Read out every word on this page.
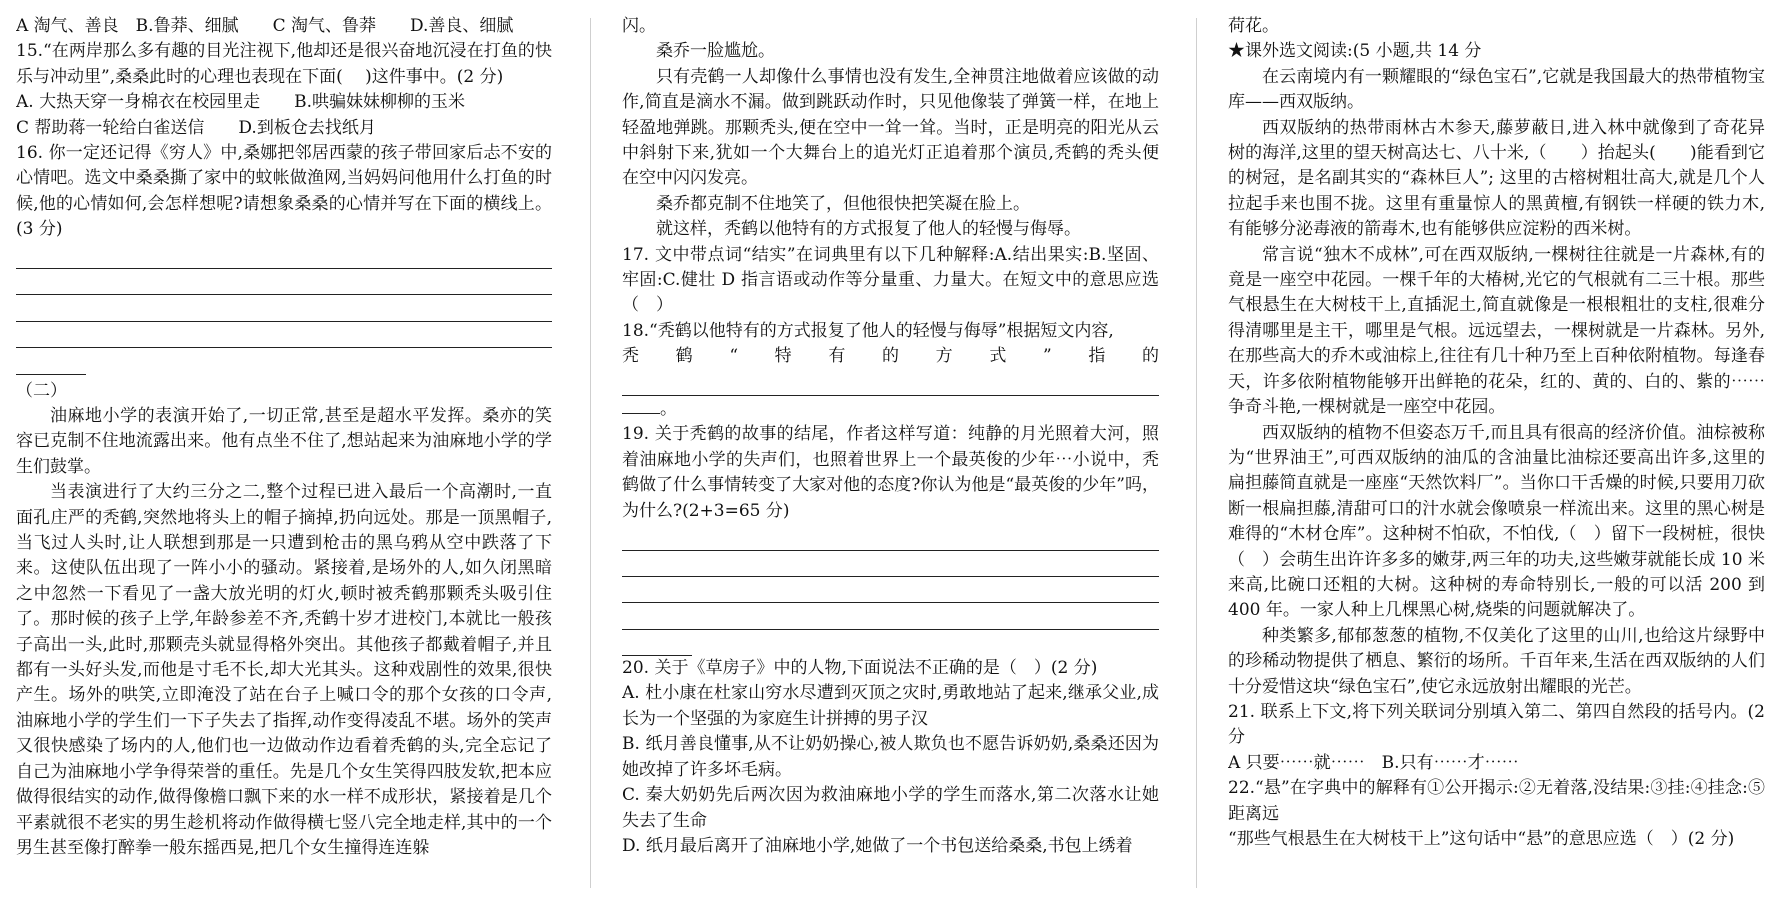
A 淘气、善良　B.鲁莽、细腻　　C 淘气、鲁莽　　D.善良、细腻

15.“在两岸那么多有趣的目光注视下,他却还是很兴奋地沉浸在打鱼的快乐与冲动里”,桑桑此时的心理也表现在下面(　 )这件事中。(2 分)

A. 大热天穿一身棉衣在校园里走　　B.哄骗妹妹柳柳的玉米

C 帮助蒋一轮给白雀送信　　D.到板仓去找纸月

16. 你一定还记得《穷人》中,桑娜把邻居西蒙的孩子带回家后忐不安的心情吧。选文中桑桑撕了家中的蚊帐做渔网,当妈妈问他用什么打鱼的时候,他的心情如何,会怎样想呢?请想象桑桑的心情并写在下面的横线上。(3 分)

（二）

油麻地小学的表演开始了,一切正常,甚至是超水平发挥。桑亦的笑容已克制不住地流露出来。他有点坐不住了,想站起来为油麻地小学的学生们鼓掌。

当表演进行了大约三分之二,整个过程已进入最后一个高潮时,一直面孔庄严的秃鹤,突然地将头上的帽子摘掉,扔向远处。那是一顶黑帽子,当飞过人头时,让人联想到那是一只遭到枪击的黑乌鸦从空中跌落了下来。这使队伍出现了一阵小小的骚动。紧接着,是场外的人,如久闭黑暗之中忽然一下看见了一盏大放光明的灯火,顿时被秃鹤那颗秃头吸引住了。那时候的孩子上学,年龄参差不齐,秃鹤十岁才进校门,本就比一般孩子高出一头,此时,那颗壳头就显得格外突出。其他孩子都戴着帽子,并且都有一头好头发,而他是寸毛不长,却大光其头。这种戏剧性的效果,很快产生。场外的哄笑,立即淹没了站在台子上喊口令的那个女孩的口令声,油麻地小学的学生们一下子失去了指挥,动作变得凌乱不堪。场外的笑声又很快感染了场内的人,他们也一边做动作边看着秃鹤的头,完全忘记了自己为油麻地小学争得荣誉的重任。先是几个女生笑得四肢发软,把本应做得很结实的动作,做得像檐口飘下来的水一样不成形状，紧接着是几个平素就很不老实的男生趁机将动作做得横七竖八完全地走样,其中的一个男生甚至像打醉拳一般东摇西晃,把几个女生撞得连连躲

闪。

桑乔一脸尴尬。

只有壳鹤一人却像什么事情也没有发生,全神贯注地做着应该做的动作,简直是滴水不漏。做到跳跃动作时，只见他像装了弹簧一样，在地上轻盈地弹跳。那颗秃头,便在空中一耸一耸。当时，正是明亮的阳光从云中斜射下来,犹如一个大舞台上的追光灯正追着那个演员,秃鹤的秃头便在空中闪闪发亮。

桑乔都克制不住地笑了，但他很快把笑凝在脸上。

就这样，秃鹤以他特有的方式报复了他人的轻慢与侮辱。

17. 文中带点词“结实”在词典里有以下几种解释:A.结出果实:B.坚固、牢固:C.健壮 D 指言语或动作等分量重、力量大。在短文中的意思应选（　）

18.“秃鹤以他特有的方式报复了他人的轻慢与侮辱”根据短文内容,

秃　鹤　“　特　有　的　方　式　”　指　的

。

19. 关于秃鹤的故事的结尾，作者这样写道：纯静的月光照着大河，照着油麻地小学的失声们，也照着世界上一个最英俊的少年⋯小说中，秃鹤做了什么事情转变了大家对他的态度?你认为他是“最英俊的少年”吗，为什么?(2+3=65 分)

20. 关于《草房子》中的人物,下面说法不正确的是（　）(2 分)

A. 杜小康在杜家山穷水尽遭到灭顶之灾时,勇敢地站了起来,继承父业,成长为一个坚强的为家庭生计拼搏的男子汉

B. 纸月善良懂事,从不让奶奶操心,被人欺负也不愿告诉奶奶,桑桑还因为她改掉了许多坏毛病。

C. 秦大奶奶先后两次因为救油麻地小学的学生而落水,第二次落水让她失去了生命

D. 纸月最后离开了油麻地小学,她做了一个书包送给桑桑,书包上绣着

荷花。

★课外选文阅读:(5 小题,共 14 分

在云南境内有一颗耀眼的“绿色宝石”,它就是我国最大的热带植物宝库——西双版纳。

西双版纳的热带雨林古木参天,藤萝蔽日,进入林中就像到了奇花异树的海洋,这里的望天树高达七、八十米,（　　）抬起头(　　)能看到它的树冠，是名副其实的“森林巨人”; 这里的古榕树粗壮高大,就是几个人拉起手来也围不拢。这里有重量惊人的黑黄檀,有钢铁一样硬的铁力木,有能够分泌毒液的箭毒木,也有能够供应淀粉的西米树。

常言说“独木不成林”,可在西双版纳,一棵树往往就是一片森林,有的竟是一座空中花园。一棵千年的大椿树,光它的气根就有二三十根。那些气根悬生在大树枝干上,直插泥土,简直就像是一根根粗壮的支柱,很难分得清哪里是主干，哪里是气根。远远望去，一棵树就是一片森林。另外,在那些高大的乔木或油棕上,往往有几十种乃至上百种依附植物。每逢春天，许多依附植物能够开出鲜艳的花朵，红的、黄的、白的、紫的⋯⋯争奇斗艳,一棵树就是一座空中花园。

西双版纳的植物不但姿态万千,而且具有很高的经济价值。油棕被称为“世界油王”,可西双版纳的油瓜的含油量比油棕还要高出许多,这里的扁担藤简直就是一座座“天然饮料厂”。当你口干舌燥的时候,只要用刀砍断一根扁担藤,清甜可口的汁水就会像喷泉一样流出来。这里的黑心树是难得的“木材仓库”。这种树不怕砍，不怕伐,（　）留下一段树桩，很快（　）会萌生出许许多多的嫩芽,两三年的功夫,这些嫩芽就能长成 10 米来高,比碗口还粗的大树。这种树的寿命特别长,一般的可以活 200 到 400 年。一家人种上几棵黑心树,烧柴的问题就解决了。

种类繁多,郁郁葱葱的植物,不仅美化了这里的山川,也给这片绿野中的珍稀动物提供了栖息、繁衍的场所。千百年来,生活在西双版纳的人们十分爱惜这块“绿色宝石”,使它永远放射出耀眼的光芒。

21. 联系上下文,将下列关联词分别填入第二、第四自然段的括号内。(2 分

A 只要⋯⋯就⋯⋯　B.只有⋯⋯才⋯⋯

22.“悬”在字典中的解释有①公开揭示:②无着落,没结果:③挂:④挂念:⑤距离远

“那些气根悬生在大树枝干上”这句话中“悬”的意思应选（　）(2 分)
